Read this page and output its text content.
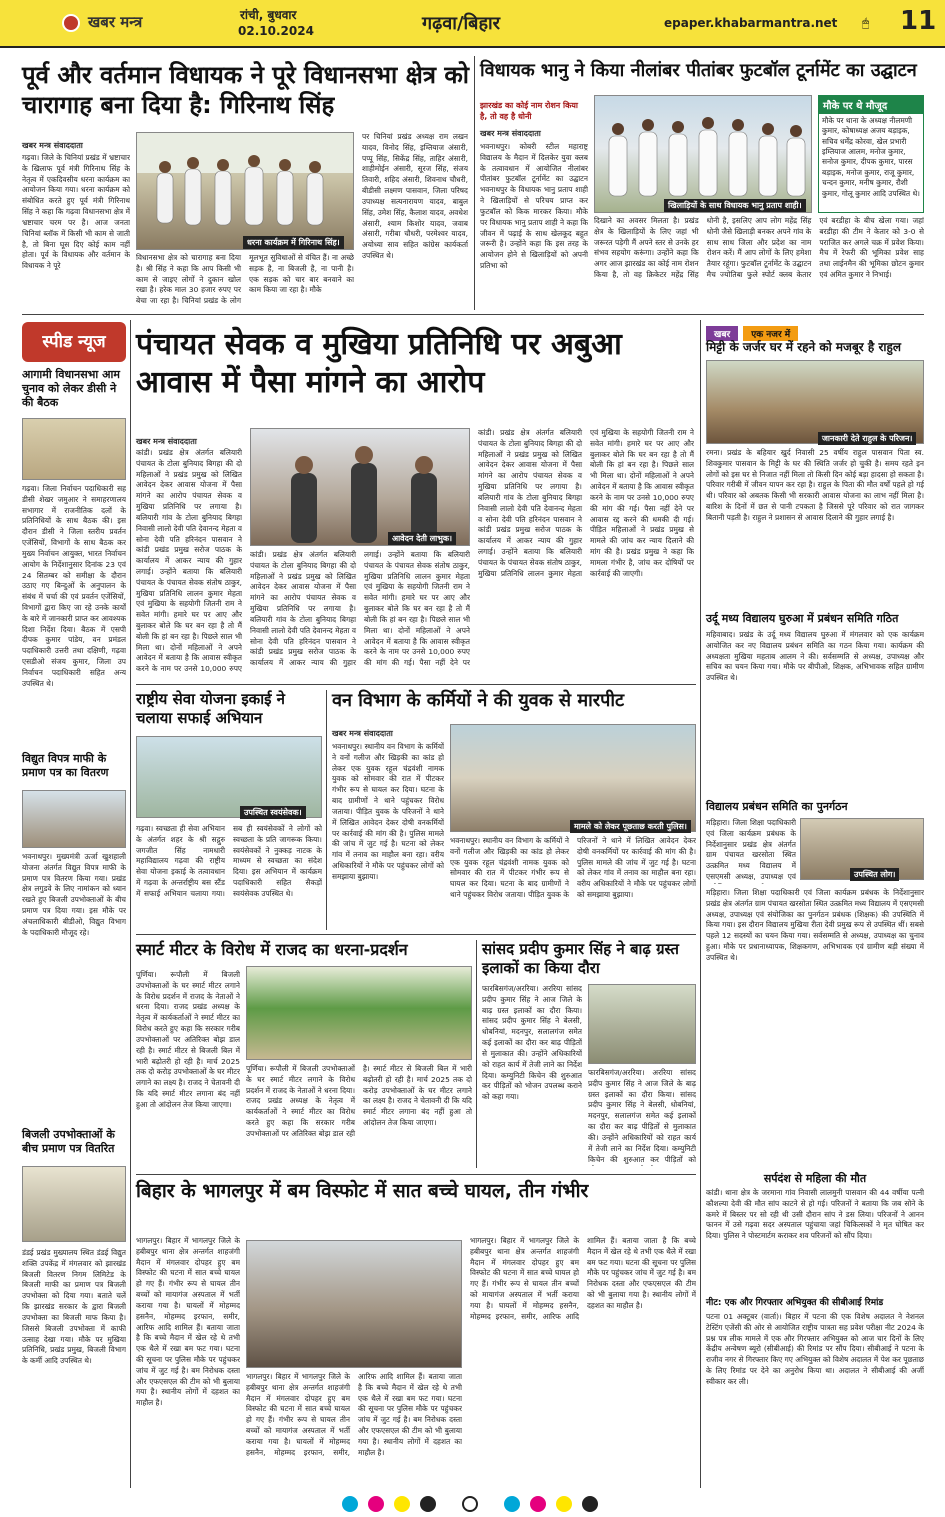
खबर मन्त्र	रांची, बुधवार
02.10.2024	गढ़वा/बिहार	epaper.khabarmantra.net 🖱 11
पूर्व और वर्तमान विधायक ने पूरे विधानसभा क्षेत्र को चारागाह बना दिया है: गिरिनाथ सिंह
खबर मन्त्र संवाददाता
गढ़वा। जिले के चिनियां प्रखंड में भ्रष्टाचार के खिलाफ पूर्व मंत्री गिरिनाथ सिंह के नेतृत्व में एकदिवसीय धरना कार्यक्रम का आयोजन किया गया। धरना कार्यक्रम को संबोधित करते हुए पूर्व मंत्री गिरिनाथ सिंह ने कहा कि गढ़वा विधानसभा क्षेत्र में भ्रष्टाचार चरम पर है। आज जनता चिनियां ब्लॉक में किसी भी काम से जाती है, तो बिना घूस दिए कोई काम नहीं होता। पूर्व के विधायक और वर्तमान के विधायक ने पूरे
धरना कार्यक्रम में गिरिनाथ सिंह।
विधानसभा क्षेत्र को चारागाह बना दिया है। श्री सिंह ने कहा कि आप किसी भी काम से जाइए लोगों ने दुकान खोल रखा है। हरेक माल 30 हजार रुपए पर बेचा जा रहा है। चिनियां प्रखंड के लोग मूलभूत सुविधाओं से वंचित हैं। ना अच्छे सड़क है, ना बिजली है, ना पानी है। एक सड़क को चार बार बनवाने का काम किया जा रहा है। मौके
पर चिनियां प्रखंड अध्यक्ष राम लखन यादव, विनोद सिंह, इम्तियाज अंसारी, पप्पू सिंह, सिकेंद्र सिंह, ताहिर अंसारी, शाहीमोईन अंसारी, सूरज सिंह, संजय तिवारी, शहिद अंसारी, शिवनाथ चौधरी, बीडीसी लक्ष्मण पासवान, जिला परिषद उपाध्यक्ष सत्यनारायण यादव, बाबुल सिंह, उमेश सिंह, कैलाश यादव, अवधेश अंसारी, श्याम किशोर यादव, जवाब अंसारी, गरीबा चौधरी, परमेश्वर यादव, अयोध्या साव सहित कांग्रेस कार्यकर्ता उपस्थित थे।
विधायक भानु ने किया नीलांबर पीतांबर फुटबॉल टूर्नामेंट का उद्घाटन
झारखंड का कोई नाम रोशन किया है, तो वह है धोनी
खबर मन्त्र संवाददाता
भवनाथपुर। कोबरी स्टील महाराष्ट्र विद्यालय के मैदान में दिलकेर युवा क्लब के तत्वावधान में आयोजित नीलांबर पीतांबर फुटबॉल टूर्नामेंट का उद्घाटन भवनाथपुर के विधायक भानु प्रताप शाही ने खिलाड़ियों से परिचय प्राप्त कर फुटबॉल को किक मारकर किया। मौके पर विधायक भानु प्रताप शाही ने कहा कि जीवन में पढ़ाई के साथ खेलकूद बहुत जरूरी है। उन्होंने कहा कि इस तरह के आयोजन होने से खिलाड़ियों को अपनी प्रतिभा को
खिलाड़ियों के साथ विधायक भानु प्रताप शाही।
दिखाने का अवसर मिलता है। प्रखंड क्षेत्र के खिलाड़ियों के लिए जहां भी जरूरत पड़ेगी मैं अपने स्तर से उनके हर संभव सहयोग करूंगा। उन्होंने कहा कि अगर आज झारखंड का कोई नाम रोशन किया है, तो वह क्रिकेटर महेंद्र सिंह धोनी है, इसलिए आप लोग महेंद्र सिंह धोनी जैसे खिलाड़ी बनकर अपने गांव के साथ साथ जिला और प्रदेश का नाम रोशन करें। मैं आप लोगों के लिए हमेशा तैयार रहूंगा। फुटबॉल टूर्नामेंट के उद्घाटन मैच ज्योतिबा फुले स्पोर्ट क्लब केतार एवं बरडीहा के बीच खेला गया। जहां बरडीहा की टीम ने केतार को 3-0 से पराजित कर अगले चक्र में प्रवेश किया। मैच में रेफरी की भूमिका प्रवेश साह तथा लाईनमैन की भूमिका छोटन कुमार एवं अमित कुमार ने निभाई।
मौके पर थे मौजूद
मौके पर थाना के अध्यक्ष नीलमणी कुमार, कोषाध्यक्ष अजय बड़ाइक, सचिव धर्मेंद्र कोरवा, खेल प्रभारी इम्तियाज आलम, मनोज कुमार, सनोज कुमार, दीपक कुमार, पारस बड़ाइक, मनोज कुमार, राजू कुमार, चन्दन कुमार, मनीष कुमार, रौशी कुमार, गोलू कुमार आदि उपस्थित थे।
स्पीड न्यूज
आगामी विधानसभा आम चुनाव को लेकर डीसी ने की बैठक
गढ़वा। जिला निर्वाचन पदाधिकारी सह डीसी शेखर जमुआर ने समाहरणालय सभागार में राजनीतिक दलों के प्रतिनिधियों के साथ बैठक की। इस दौरान डीसी ने जिला स्तरीय प्रवर्तन एजेंसियों, विभागों के साथ बैठक कर मुख्य निर्वाचन आयुक्त, भारत निर्वाचन आयोग के निर्देशानुसार दिनांक 23 एवं 24 सितम्बर को समीक्षा के दौरान उठाए गए बिन्दुओं के अनुपालन के संबंध में चर्चा की एवं प्रवर्तन एजेंसियों, विभागों द्वारा किए जा रहे उनके कार्यों के बारे में जानकारी प्राप्त कर आवश्यक दिशा निर्देश दिया। बैठक में एसपी दीपक कुमार पांडेय, वन प्रमंडल पदाधिकारी उत्तरी तथा दक्षिणी, गढ़वा एसडीओ संजय कुमार, जिला उप निर्वाचन पदाधिकारी सहित अन्य उपस्थित थे।
विद्युत विपत्र माफी के प्रमाण पत्र का वितरण
भवनाथपुर। मुख्यमंत्री ऊर्जा खुशहाली योजना अंतर्गत विद्युत विपत्र माफी के प्रमाण पत्र वितरण किया गया। प्रखंड क्षेत्र लगुडवे के लिए नामांकन को ध्यान रखते हुए बिजली उपभोक्ताओं के बीच प्रमाण पत्र दिया गया। इस मौके पर अंचलाधिकारी बीडीओ, विद्युत विभाग के पदाधिकारी मौजूद रहे।
बिजली उपभोक्ताओं के बीच प्रमाण पत्र वितरित
डंडई प्रखंड मुख्यालय स्थित डंडई विद्युत शक्ति उपकेंद्र में मंगलवार को झारखंड बिजली वितरण निगम लिमिटेड के बिजली माफी का प्रमाण पत्र बिजली उपभोक्ता को दिया गया। बताते चलें कि झारखंड सरकार के द्वारा बिजली उपभोक्ता का बिजली माफ किया है। जिससे बिजली उपभोक्ता में काफी उत्साह देखा गया। मौके पर मुखिया प्रतिनिधि, प्रखंड प्रमुख, बिजली विभाग के कर्मी आदि उपस्थित थे।
पंचायत सेवक व मुखिया प्रतिनिधि पर अबुआ आवास में पैसा मांगने का आरोप
खबर मन्त्र संवाददाता
आवेदन देती लाभुक।
कांडी। प्रखंड क्षेत्र अंतर्गत बलियारी पंचायत के टोला बुनियाद बिगहा की दो महिलाओं ने प्रखंड प्रमुख को लिखित आवेदन देकर आवास योजना में पैसा मांगने का आरोप पंचायत सेवक व मुखिया प्रतिनिधि पर लगाया है। बलियारी गांव के टोला बुनियाद बिगहा निवासी लालो देवी पति देवानन्द मेहता व सोना देवी पति हरिनंदन पासवान ने कांडी प्रखंड प्रमुख सरोज पाठक के कार्यालय में आकर न्याय की गुहार लगाई। उन्होंने बताया कि बलियारी पंचायत के पंचायत सेवक संतोष ठाकुर, मुखिया प्रतिनिधि लालन कुमार मेहता एवं मुखिया के सहयोगी जितनी राम ने सवेत मांगी। हमारे घर पर आए और बुलाकर बोले कि घर बन रहा है तो मैं बोली कि हां बन रहा है। पिछले साल भी मिला था। दोनों महिलाओं ने अपने आवेदन में बताया है कि आवास स्वीकृत करने के नाम पर उनसे 10,000 रुपए
कांडी। प्रखंड क्षेत्र अंतर्गत बलियारी पंचायत के टोला बुनियाद बिगहा की दो महिलाओं ने प्रखंड प्रमुख को लिखित आवेदन देकर आवास योजना में पैसा मांगने का आरोप पंचायत सेवक व मुखिया प्रतिनिधि पर लगाया है। बलियारी गांव के टोला बुनियाद बिगहा निवासी लालो देवी पति देवानन्द मेहता व सोना देवी पति हरिनंदन पासवान ने कांडी प्रखंड प्रमुख सरोज पाठक के कार्यालय में आकर न्याय की गुहार लगाई। उन्होंने बताया कि बलियारी पंचायत के पंचायत सेवक संतोष ठाकुर, मुखिया प्रतिनिधि लालन कुमार मेहता एवं मुखिया के सहयोगी जितनी राम ने सवेत मांगी। हमारे घर पर आए और बुलाकर बोले कि घर बन रहा है तो मैं बोली कि हां बन रहा है। पिछले साल भी मिला था। दोनों महिलाओं ने अपने आवेदन में बताया है कि आवास स्वीकृत करने के नाम पर उनसे 10,000 रुपए की मांग की गई। पैसा नहीं देने पर
कांडी। प्रखंड क्षेत्र अंतर्गत बलियारी पंचायत के टोला बुनियाद बिगहा की दो महिलाओं ने प्रखंड प्रमुख को लिखित आवेदन देकर आवास योजना में पैसा मांगने का आरोप पंचायत सेवक व मुखिया प्रतिनिधि पर लगाया है। बलियारी गांव के टोला बुनियाद बिगहा निवासी लालो देवी पति देवानन्द मेहता व सोना देवी पति हरिनंदन पासवान ने कांडी प्रखंड प्रमुख सरोज पाठक के कार्यालय में आकर न्याय की गुहार लगाई। उन्होंने बताया कि बलियारी पंचायत के पंचायत सेवक संतोष ठाकुर, मुखिया प्रतिनिधि लालन कुमार मेहता एवं मुखिया के सहयोगी जितनी राम ने सवेत मांगी। हमारे घर पर आए और बुलाकर बोले कि घर बन रहा है तो मैं बोली कि हां बन रहा है। पिछले साल भी मिला था। दोनों महिलाओं ने अपने आवेदन में बताया है कि आवास स्वीकृत करने के नाम पर उनसे 10,000 रुपए की मांग की गई। पैसा नहीं देने पर आवास रद्द करने की धमकी दी गई। पीड़ित महिलाओं ने प्रखंड प्रमुख से मामले की जांच कर न्याय दिलाने की मांग की है। प्रखंड प्रमुख ने कहा कि मामला गंभीर है, जांच कर दोषियों पर कार्रवाई की जाएगी।
खबर एक नजर में
मिट्टी के जर्जर घर में रहने को मजबूर है राहुल
जानकारी देते राहुल के परिजन।
रमना। प्रखंड के बहियार खुर्द निवासी 25 वर्षीय राहुल पासवान पिता स्व. शिवकुमार पासवान के मिट्टी के घर की स्थिति जर्जर हो चुकी है। समय रहते इन लोगों को इस घर से निजात नहीं मिला तो किसी दिन कोई बड़ा हादसा हो सकता है। परिवार गरीबी में जीवन यापन कर रहा है। राहुल के पिता की मौत वर्षों पहले हो गई थी। परिवार को अबतक किसी भी सरकारी आवास योजना का लाभ नहीं मिला है। बारिश के दिनों में छत से पानी टपकता है जिससे पूरे परिवार को रात जागकर बितानी पड़ती है। राहुल ने प्रशासन से आवास दिलाने की गुहार लगाई है।
उर्दू मध्य विद्यालय घुरुआ में प्रबंधन समिति गठित
महिवाबाद। प्रखंड के उर्दू मध्य विद्यालय घुरुआ में मंगलवार को एक कार्यक्रम आयोजित कर नए विद्यालय प्रबंधन समिति का गठन किया गया। कार्यक्रम की अध्यक्षता मुखिया महताब आलम ने की। सर्वसम्मति से अध्यक्ष, उपाध्यक्ष और सचिव का चयन किया गया। मौके पर बीपीओ, शिक्षक, अभिभावक सहित ग्रामीण उपस्थित थे।
विद्यालय प्रबंधन समिति का पुनर्गठन
उपस्थित लोग।
मड़िहारा। जिला शिक्षा पदाधिकारी एवं जिला कार्यक्रम प्रबंधक के निर्देशानुसार प्रखंड क्षेत्र अंतर्गत ग्राम पंचायत खरसोता स्थित उत्क्रमित मध्य विद्यालय में एसएमसी अध्यक्ष, उपाध्यक्ष एवं
मड़िहारा। जिला शिक्षा पदाधिकारी एवं जिला कार्यक्रम प्रबंधक के निर्देशानुसार प्रखंड क्षेत्र अंतर्गत ग्राम पंचायत खरसोता स्थित उत्क्रमित मध्य विद्यालय में एसएमसी अध्यक्ष, उपाध्यक्ष एवं संयोजिका का पुनर्गठन प्रबंधक (शिक्षक) की उपस्थिति में किया गया। इस दौरान विद्यालय मुखिया रीता देवी प्रमुख रूप से उपस्थित थीं। सबसे पहले 12 सदस्यों का चयन किया गया। सर्वसम्मति से अध्यक्ष, उपाध्यक्ष का चुनाव हुआ। मौके पर प्रधानाध्यापक, शिक्षकगण, अभिभावक एवं ग्रामीण बड़ी संख्या में उपस्थित थे।
सर्पदंश से महिला की मौत
कांडी। थाना क्षेत्र के जरमाना गांव निवासी लालमुनी पासवान की 44 वर्षीया पत्नी कौशल्या देवी की मौत सांप काटने से हो गई। परिजनों ने बताया कि जब सोने के कमरे में बिस्तर पर सो रही थी उसी दौरान सांप ने डस लिया। परिजनों ने आनन फानन में उसे गढ़वा सदर अस्पताल पहुंचाया जहां चिकित्सकों ने मृत घोषित कर दिया। पुलिस ने पोस्टमार्टम कराकर शव परिजनों को सौंप दिया।
नीट: एक और गिरफ्तार अभियुक्त की सीबीआई रिमांड
पटना 01 अक्टूबर (वार्ता)। बिहार में पटना की एक विशेष अदालत ने नेशनल टेस्टिंग एजेंसी की ओर से आयोजित राष्ट्रीय पात्रता सह प्रवेश परीक्षा नीट 2024 के प्रश्न पत्र लीक मामले में एक और गिरफ्तार अभियुक्त को आज चार दिनों के लिए केंद्रीय अन्वेषण ब्यूरो (सीबीआई) की रिमांड पर सौंप दिया। सीबीआई ने पटना के राजीव नगर से गिरफ्तार किए गए अभियुक्त को विशेष अदालत में पेश कर पूछताछ के लिए रिमांड पर देने का अनुरोध किया था। अदालत ने सीबीआई की अर्जी स्वीकार कर ली।
राष्ट्रीय सेवा योजना इकाई ने चलाया सफाई अभियान
उपस्थित स्वयंसेवक।
गढ़वा। स्वच्छता ही सेवा अभियान के अंतर्गत शहर के श्री सद्गुरु जगजीत सिंह नामधारी महाविद्यालय गढ़वा की राष्ट्रीय सेवा योजना इकाई के तत्वावधान में गढ़वा के अन्तर्राष्ट्रीय बस स्टैंड में सफाई अभियान चलाया गया। सब ही स्वयंसेवकों ने लोगों को स्वच्छता के प्रति जागरूक किया। स्वयंसेवकों ने नुक्कड़ नाटक के माध्यम से स्वच्छता का संदेश दिया। इस अभियान में कार्यक्रम पदाधिकारी सहित सैकड़ों स्वयंसेवक उपस्थित थे।
वन विभाग के कर्मियों ने की युवक से मारपीट
खबर मन्त्र संवाददाता
भवनाथपुर। स्थानीय वन विभाग के कर्मियों ने वनों गलीज और खिड़की का कांड हो लेकर एक युवक रहूल चंद्रवंशी नामक युवक को सोमवार की रात में पीटकर गंभीर रूप से घायल कर दिया। घटना के बाद ग्रामीणों ने थाने पहुंचकर विरोध जताया। पीड़ित युवक के परिजनों ने थाने में लिखित आवेदन देकर दोषी वनकर्मियों पर कार्रवाई की मांग की है। पुलिस मामले की जांच में जुट गई है। घटना को लेकर गांव में तनाव का माहौल बना रहा। वरीय अधिकारियों ने मौके पर पहुंचकर लोगों को समझाया बुझाया।
मामले को लेकर पूछताछ करती पुलिस।
भवनाथपुर। स्थानीय वन विभाग के कर्मियों ने वनों गलीज और खिड़की का कांड हो लेकर एक युवक रहूल चंद्रवंशी नामक युवक को सोमवार की रात में पीटकर गंभीर रूप से घायल कर दिया। घटना के बाद ग्रामीणों ने थाने पहुंचकर विरोध जताया। पीड़ित युवक के परिजनों ने थाने में लिखित आवेदन देकर दोषी वनकर्मियों पर कार्रवाई की मांग की है। पुलिस मामले की जांच में जुट गई है। घटना को लेकर गांव में तनाव का माहौल बना रहा। वरीय अधिकारियों ने मौके पर पहुंचकर लोगों को समझाया बुझाया।
स्मार्ट मीटर के विरोध में राजद का धरना-प्रदर्शन
पूर्णिया। रूपौली में बिजली उपभोक्ताओं के घर स्मार्ट मीटर लगाने के विरोध प्रदर्शन में राजद के नेताओं ने धरना दिया। राजद प्रखंड अध्यक्ष के नेतृत्व में कार्यकर्ताओं ने स्मार्ट मीटर का विरोध करते हुए कहा कि सरकार गरीब उपभोक्ताओं पर अतिरिक्त बोझ डाल रही है। स्मार्ट मीटर से बिजली बिल में भारी बढ़ोतरी हो रही है। मार्च 2025 तक दो करोड़ उपभोक्ताओं के घर मीटर लगाने का लक्ष्य है। राजद ने चेतावनी दी कि यदि स्मार्ट मीटर लगाना बंद नहीं हुआ तो आंदोलन तेज किया जाएगा।
पूर्णिया। रूपौली में बिजली उपभोक्ताओं के घर स्मार्ट मीटर लगाने के विरोध प्रदर्शन में राजद के नेताओं ने धरना दिया। राजद प्रखंड अध्यक्ष के नेतृत्व में कार्यकर्ताओं ने स्मार्ट मीटर का विरोध करते हुए कहा कि सरकार गरीब उपभोक्ताओं पर अतिरिक्त बोझ डाल रही है। स्मार्ट मीटर से बिजली बिल में भारी बढ़ोतरी हो रही है। मार्च 2025 तक दो करोड़ उपभोक्ताओं के घर मीटर लगाने का लक्ष्य है। राजद ने चेतावनी दी कि यदि स्मार्ट मीटर लगाना बंद नहीं हुआ तो आंदोलन तेज किया जाएगा।
सांसद प्रदीप कुमार सिंह ने बाढ़ ग्रस्त इलाकों का किया दौरा
फारबिसगंज/अररिया। अररिया सांसद प्रदीप कुमार सिंह ने आज जिले के बाढ़ ग्रस्त इलाकों का दौरा किया। सांसद प्रदीप कुमार सिंह ने बेलसी, धोबनियां, मदनपुर, सलालगंज समेत कई इलाकों का दौरा कर बाढ़ पीड़ितों से मुलाकात की। उन्होंने अधिकारियों को राहत कार्य में तेजी लाने का निर्देश दिया। कम्युनिटी किचेन की शुरुआत कर पीड़ितों को भोजन उपलब्ध कराने को कहा गया।
फारबिसगंज/अररिया। अररिया सांसद प्रदीप कुमार सिंह ने आज जिले के बाढ़ ग्रस्त इलाकों का दौरा किया। सांसद प्रदीप कुमार सिंह ने बेलसी, धोबनियां, मदनपुर, सलालगंज समेत कई इलाकों का दौरा कर बाढ़ पीड़ितों से मुलाकात की। उन्होंने अधिकारियों को राहत कार्य में तेजी लाने का निर्देश दिया। कम्युनिटी किचेन की शुरुआत कर पीड़ितों को
बिहार के भागलपुर में बम विस्फोट में सात बच्चे घायल, तीन गंभीर
भागलपुर। बिहार में भागलपुर जिले के हबीबपुर थाना क्षेत्र अन्तर्गत शाहजंगी मैदान में मंगलवार दोपहर हुए बम विस्फोट की घटना में सात बच्चे घायल हो गए हैं। गंभीर रूप से घायल तीन बच्चों को मायागंज अस्पताल में भर्ती कराया गया है। घायलों में मोहम्मद हसनैन, मोहम्मद इरफान, समीर, आरिफ आदि शामिल हैं। बताया जाता है कि बच्चे मैदान में खेल रहे थे तभी एक थैले में रखा बम फट गया। घटना की सूचना पर पुलिस मौके पर पहुंचकर जांच में जुट गई है। बम निरोधक दस्ता और एफएसएल की टीम को भी बुलाया गया है। स्थानीय लोगों में दहशत का माहौल है।
भागलपुर। बिहार में भागलपुर जिले के हबीबपुर थाना क्षेत्र अन्तर्गत शाहजंगी मैदान में मंगलवार दोपहर हुए बम विस्फोट की घटना में सात बच्चे घायल हो गए हैं। गंभीर रूप से घायल तीन बच्चों को मायागंज अस्पताल में भर्ती कराया गया है। घायलों में मोहम्मद हसनैन, मोहम्मद इरफान, समीर, आरिफ आदि शामिल हैं। बताया जाता है कि बच्चे मैदान में खेल रहे थे तभी एक थैले में रखा बम फट गया। घटना की सूचना पर पुलिस मौके पर पहुंचकर जांच में जुट गई है। बम निरोधक दस्ता और एफएसएल की टीम को भी बुलाया गया है। स्थानीय लोगों में दहशत का माहौल है।
भागलपुर। बिहार में भागलपुर जिले के हबीबपुर थाना क्षेत्र अन्तर्गत शाहजंगी मैदान में मंगलवार दोपहर हुए बम विस्फोट की घटना में सात बच्चे घायल हो गए हैं। गंभीर रूप से घायल तीन बच्चों को मायागंज अस्पताल में भर्ती कराया गया है। घायलों में मोहम्मद हसनैन, मोहम्मद इरफान, समीर, आरिफ आदि शामिल हैं। बताया जाता है कि बच्चे मैदान में खेल रहे थे तभी एक थैले में रखा बम फट गया। घटना की सूचना पर पुलिस मौके पर पहुंचकर जांच में जुट गई है। बम निरोधक दस्ता और एफएसएल की टीम को भी बुलाया गया है। स्थानीय लोगों में दहशत का माहौल है।
